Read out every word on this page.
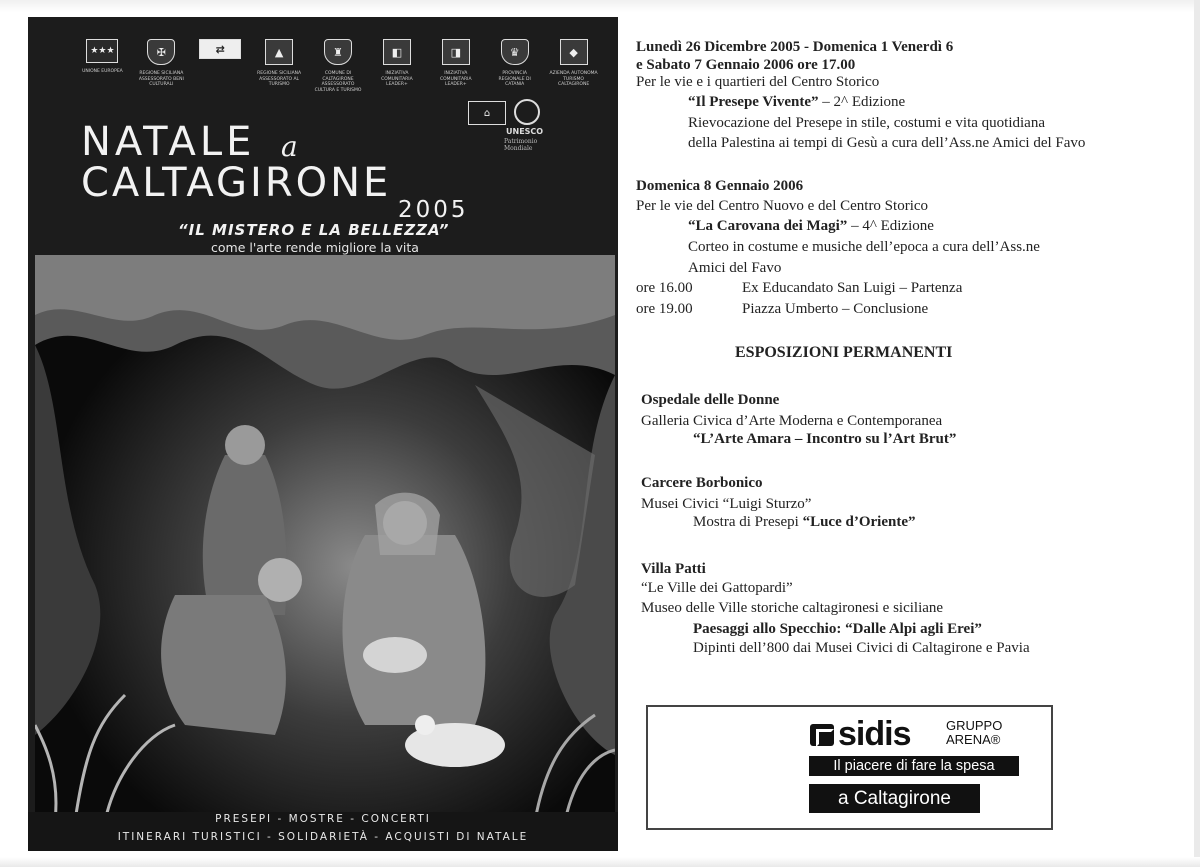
★★★
UNIONE EUROPEA
✠
REGIONE SICILIANA ASSESSORATO BENI CULTURALI
⇄	▲
REGIONE SICILIANA ASSESSORATO AL TURISMO
♜
COMUNE DI CALTAGIRONE ASSESSORATO CULTURA E TURISMO
◧
INIZIATIVA COMUNITARIA LEADER+
◨
INIZIATIVA COMUNITARIA LEADER+
♛
PROVINCIA REGIONALE DI CATANIA
◆
AZIENDA AUTONOMA TURISMO CALTAGIRONE
⌂
UNESCO
Patrimonio Mondiale
NATALE a
CALTAGIRONE
2005
“IL MISTERO E LA BELLEZZA”
come l'arte rende migliore la vita
PRESEPI - MOSTRE - CONCERTI
ITINERARI TURISTICI - SOLIDARIETÀ - ACQUISTI DI NATALE
Lunedì 26 Dicembre 2005 - Domenica 1 Venerdì 6
e Sabato 7 Gennaio 2006 ore 17.00
Per le vie e i quartieri del Centro Storico
“Il Presepe Vivente” – 2^ Edizione
Rievocazione del Presepe in stile, costumi e vita quotidiana
della Palestina ai tempi di Gesù a cura dell’Ass.ne Amici del Favo
Domenica 8 Gennaio 2006
Per le vie del Centro Nuovo e del Centro Storico
“La Carovana dei Magi” – 4^ Edizione
Corteo in costume e musiche dell’epoca a cura dell’Ass.ne
Amici del Favo
ore 16.00	Ex Educandato San Luigi – Partenza
ore 19.00	Piazza Umberto – Conclusione
ESPOSIZIONI PERMANENTI
Ospedale delle Donne
Galleria Civica d’Arte Moderna e Contemporanea
“L’Arte Amara – Incontro su l’Art Brut”
Carcere Borbonico
Musei Civici “Luigi Sturzo”
Mostra di Presepi “Luce d’Oriente”
Villa Patti
“Le Ville dei Gattopardi”
Museo delle Ville storiche caltagironesi e siciliane
Paesaggi allo Specchio: “Dalle Alpi agli Erei”
Dipinti dell’800 dai Musei Civici di Caltagirone e Pavia
sidis	GRUPPO
ARENA®
Il piacere di fare la spesa
a Caltagirone
